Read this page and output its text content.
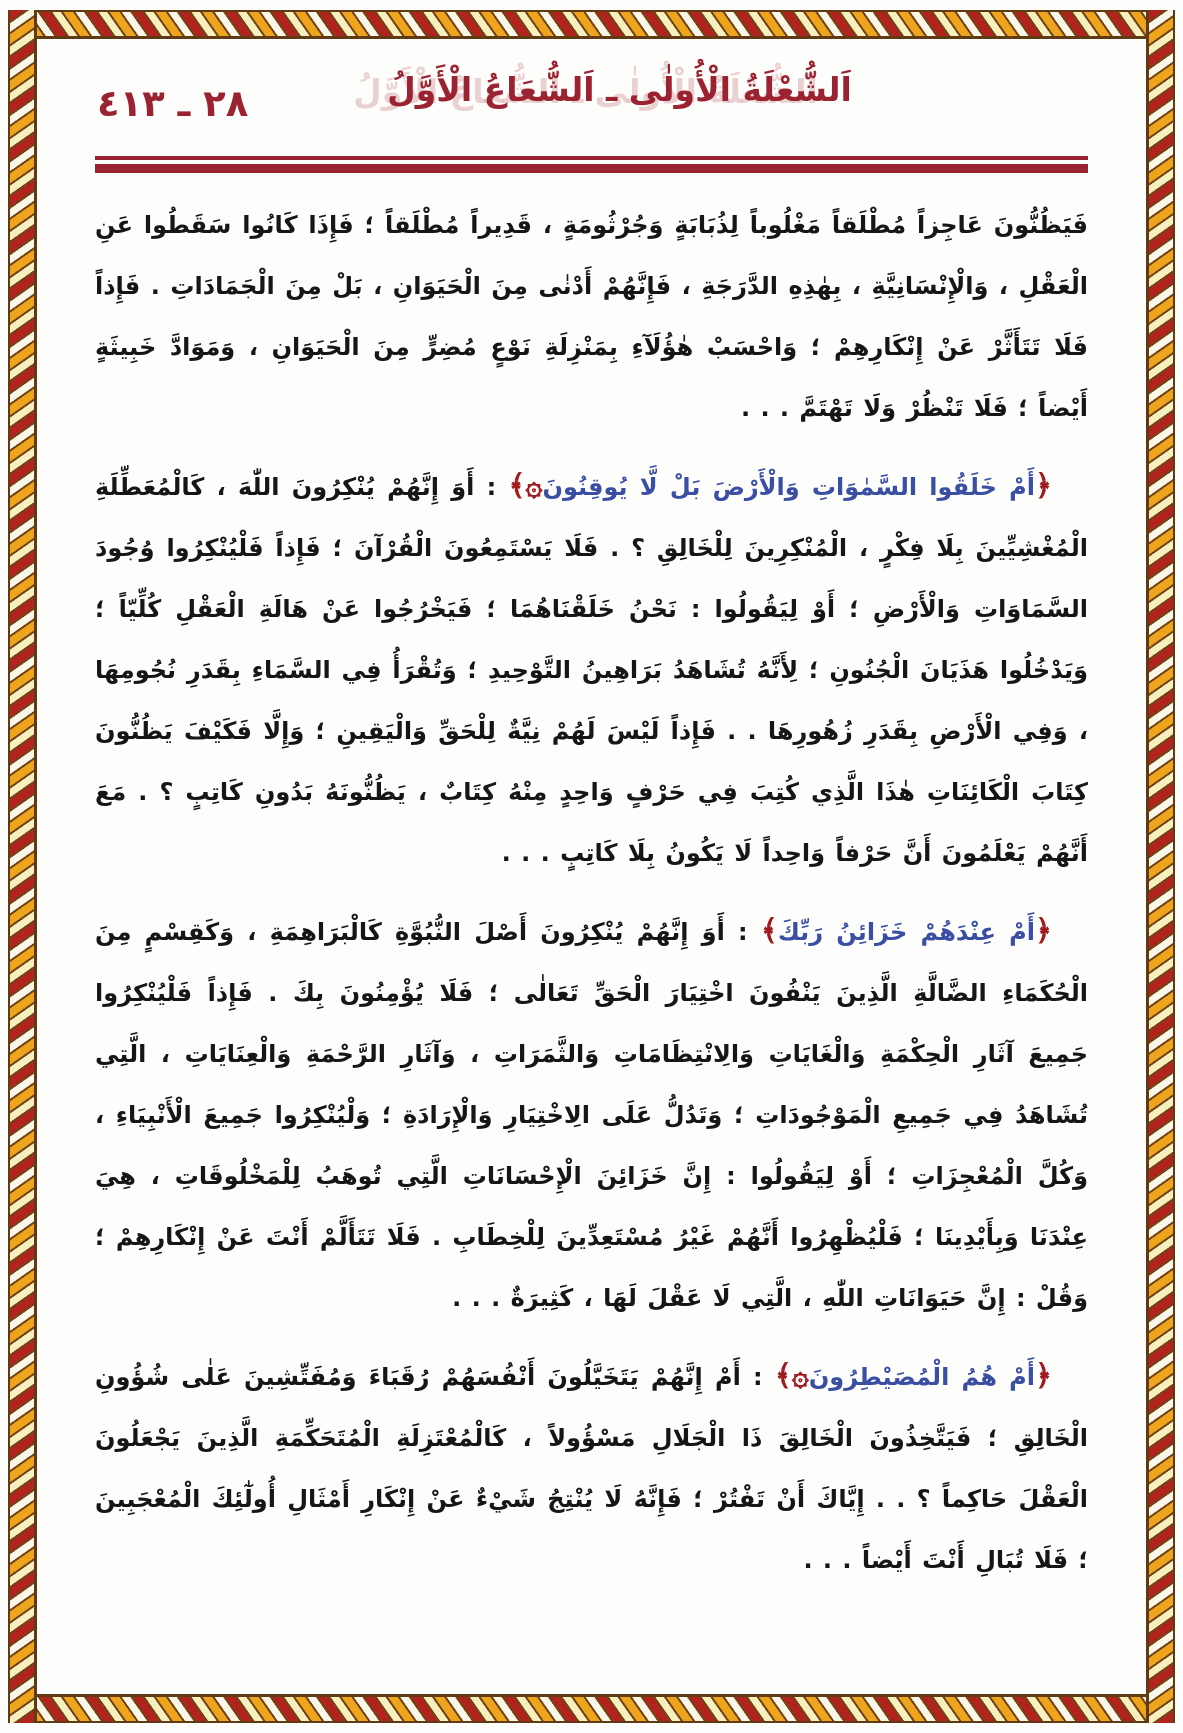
٢٨ ـ ٤١٣	اَلشُّعْلَةُ الْأُولٰى ـ اَلشُّعَاعُ الْأَوَّلُ

فَيَظُنُّونَ عَاجِزاً مُطْلَقاً مَغْلُوباً لِذُبَابَةٍ وَجُرْثُومَةٍ ، قَدِيراً مُطْلَقاً ؛ فَإِذَا كَانُوا سَقَطُوا عَنِ الْعَقْلِ ، وَالْإِنْسَانِيَّةِ ، بِهٰذِهِ الدَّرَجَةِ ، فَإِنَّهُمْ أَدْنٰى مِنَ الْحَيَوَانِ ، بَلْ مِنَ الْجَمَادَاتِ . فَإِذاً فَلَا تَتَأَثَّرْ عَنْ إِنْكَارِهِمْ ؛ وَاحْسَبْ هٰؤُلَآءِ بِمَنْزِلَةِ نَوْعٍ مُضِرٍّ مِنَ الْحَيَوَانِ ، وَمَوَادَّ خَبِيثَةٍ أَيْضاً ؛ فَلَا تَنْظُرْ وَلَا تَهْتَمَّ . . .

﴿أَمْ خَلَقُوا السَّمٰوَاتِ وَالْأَرْضَ بَلْ لَّا يُوقِنُونَ۞﴾ : أَوَ إِنَّهُمْ يُنْكِرُونَ اللّٰهَ ، كَالْمُعَطِّلَةِ الْمُغْشِيِّينَ بِلَا فِكْرٍ ، الْمُنْكِرِينَ لِلْخَالِقِ ؟ . فَلَا يَسْتَمِعُونَ الْقُرْآنَ ؛ فَإِذاً فَلْيُنْكِرُوا وُجُودَ السَّمَاوَاتِ وَالْأَرْضِ ؛ أَوْ لِيَقُولُوا : نَحْنُ خَلَقْنَاهُمَا ؛ فَيَخْرُجُوا عَنْ هَالَةِ الْعَقْلِ كُلِّيّاً ؛ وَيَدْخُلُوا هَذَيَانَ الْجُنُونِ ؛ لِأَنَّهُ تُشَاهَدُ بَرَاهِينُ التَّوْحِيدِ ؛ وَتُقْرَأُ فِي السَّمَاءِ بِقَدَرِ نُجُومِهَا ، وَفِي الْأَرْضِ بِقَدَرِ زُهُورِهَا . . فَإِذاً لَيْسَ لَهُمْ نِيَّةٌ لِلْحَقِّ وَالْيَقِينِ ؛ وَإِلَّا فَكَيْفَ يَظُنُّونَ كِتَابَ الْكَائِنَاتِ هٰذَا الَّذِي كُتِبَ فِي حَرْفٍ وَاحِدٍ مِنْهُ كِتَابٌ ، يَظُنُّونَهُ بَدُونِ كَاتِبٍ ؟ . مَعَ أَنَّهُمْ يَعْلَمُونَ أَنَّ حَرْفاً وَاحِداً لَا يَكُونُ بِلَا كَاتِبٍ . . .

﴿أَمْ عِنْدَهُمْ خَزَائِنُ رَبِّكَ﴾ : أَوَ إِنَّهُمْ يُنْكِرُونَ أَصْلَ النُّبُوَّةِ كَالْبَرَاهِمَةِ ، وَكَقِسْمٍ مِنَ الْحُكَمَاءِ الضَّالَّةِ الَّذِينَ يَنْفُونَ اخْتِيَارَ الْحَقِّ تَعَالٰى ؛ فَلَا يُؤْمِنُونَ بِكَ . فَإِذاً فَلْيُنْكِرُوا جَمِيعَ آثَارِ الْحِكْمَةِ وَالْغَايَاتِ وَالِانْتِظَامَاتِ وَالثَّمَرَاتِ ، وَآثَارِ الرَّحْمَةِ وَالْعِنَايَاتِ ، الَّتِي تُشَاهَدُ فِي جَمِيعِ الْمَوْجُودَاتِ ؛ وَتَدُلُّ عَلَى الِاخْتِيَارِ وَالْإِرَادَةِ ؛ وَلْيُنْكِرُوا جَمِيعَ الْأَنْبِيَاءِ ، وَكُلَّ الْمُعْجِزَاتِ ؛ أَوْ لِيَقُولُوا : إِنَّ خَزَائِنَ الْإِحْسَانَاتِ الَّتِي تُوهَبُ لِلْمَخْلُوقَاتِ ، هِيَ عِنْدَنَا وَبِأَيْدِينَا ؛ فَلْيُظْهِرُوا أَنَّهُمْ غَيْرُ مُسْتَعِدِّينَ لِلْخِطَابِ . فَلَا تَتَأَلَّمْ أَنْتَ عَنْ إِنْكَارِهِمْ ؛ وَقُلْ : إِنَّ حَيَوَانَاتِ اللّٰهِ ، الَّتِي لَا عَقْلَ لَهَا ، كَثِيرَةٌ . . .

﴿أَمْ هُمُ الْمُصَيْطِرُونَ۞﴾ : أَمْ إِنَّهُمْ يَتَخَيَّلُونَ أَنْفُسَهُمْ رُقَبَاءَ وَمُفَتِّشِينَ عَلٰى شُؤُونِ الْخَالِقِ ؛ فَيَتَّخِذُونَ الْخَالِقَ ذَا الْجَلَالِ مَسْؤُولاً ، كَالْمُعْتَزِلَةِ الْمُتَحَكِّمَةِ الَّذِينَ يَجْعَلُونَ الْعَقْلَ حَاكِماً ؟ . . إِيَّاكَ أَنْ تَفْتُرْ ؛ فَإِنَّهُ لَا يُنْتِجُ شَيْءٌ عَنْ إِنْكَارِ أَمْثَالِ أُولٰٓئِكَ الْمُعْجَبِينَ ؛ فَلَا تُبَالِ أَنْتَ أَيْضاً . . .
